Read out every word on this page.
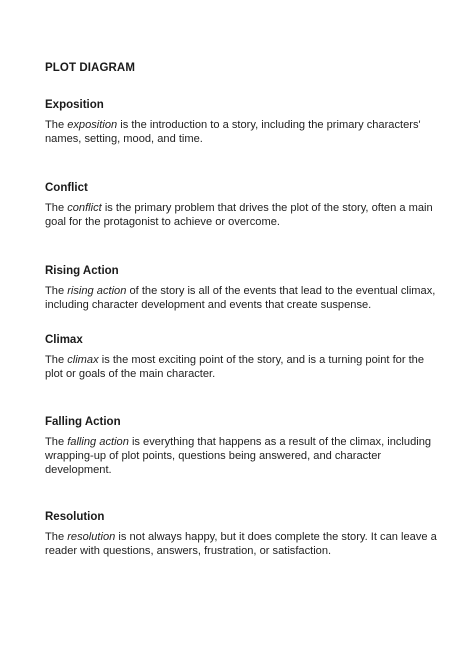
PLOT DIAGRAM
Exposition

The exposition is the introduction to a story, including the primary characters' names, setting, mood, and time.

Conflict

The conflict is the primary problem that drives the plot of the story, often a main goal for the protagonist to achieve or overcome.

Rising Action

The rising action of the story is all of the events that lead to the eventual climax, including character development and events that create suspense.

Climax

The climax is the most exciting point of the story, and is a turning point for the plot or goals of the main character.

Falling Action

The falling action is everything that happens as a result of the climax, including wrapping-up of plot points, questions being answered, and character development.

Resolution

The resolution is not always happy, but it does complete the story. It can leave a reader with questions, answers, frustration, or satisfaction.
